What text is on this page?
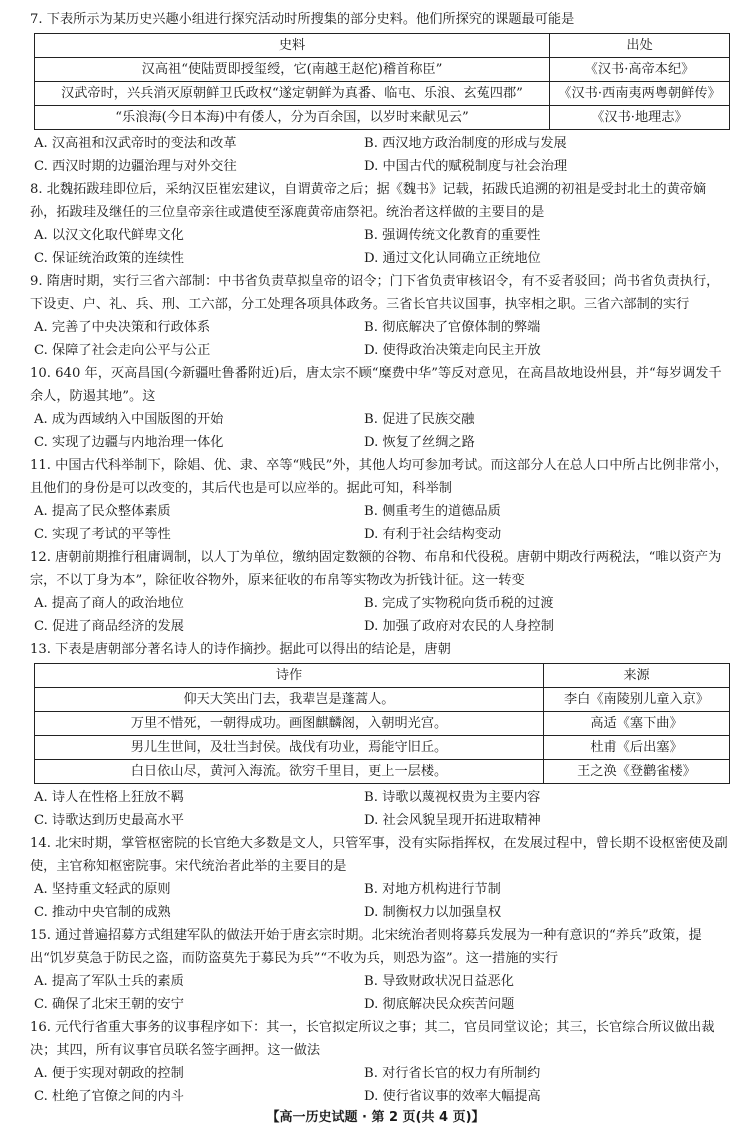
7. 下表所示为某历史兴趣小组进行探究活动时所搜集的部分史料。他们所探究的课题最可能是
史料	出处
汉高祖“使陆贾即授玺绶，它(南越王赵佗)稽首称臣”	《汉书·高帝本纪》
汉武帝时，兴兵消灭原朝鲜卫氏政权“遂定朝鲜为真番、临屯、乐浪、玄菟四郡”	《汉书·西南夷两粤朝鲜传》
“乐浪海(今日本海)中有倭人，分为百余国，以岁时来献见云”	《汉书·地理志》
A. 汉高祖和汉武帝时的变法和改革	B. 西汉地方政治制度的形成与发展
C. 西汉时期的边疆治理与对外交往	D. 中国古代的赋税制度与社会治理
8. 北魏拓跋珪即位后，采纳汉臣崔宏建议，自谓黄帝之后；据《魏书》记载，拓跋氏追溯的初祖是受封北土的黄帝嫡孙，拓跋珪及继任的三位皇帝亲往或遣使至涿鹿黄帝庙祭祀。统治者这样做的主要目的是
A. 以汉文化取代鲜卑文化	B. 强调传统文化教育的重要性
C. 保证统治政策的连续性	D. 通过文化认同确立正统地位
9. 隋唐时期，实行三省六部制：中书省负责草拟皇帝的诏令；门下省负责审核诏令，有不妥者驳回；尚书省负责执行，下设吏、户、礼、兵、刑、工六部，分工处理各项具体政务。三省长官共议国事，执宰相之职。三省六部制的实行
A. 完善了中央决策和行政体系	B. 彻底解决了官僚体制的弊端
C. 保障了社会走向公平与公正	D. 使得政治决策走向民主开放
10. 640 年，灭高昌国(今新疆吐鲁番附近)后，唐太宗不顾“糜费中华”等反对意见，在高昌故地设州县，并“每岁调发千余人，防遏其地”。这
A. 成为西域纳入中国版图的开始	B. 促进了民族交融
C. 实现了边疆与内地治理一体化	D. 恢复了丝绸之路
11. 中国古代科举制下，除娼、优、隶、卒等“贱民”外，其他人均可参加考试。而这部分人在总人口中所占比例非常小，且他们的身份是可以改变的，其后代也是可以应举的。据此可知，科举制
A. 提高了民众整体素质	B. 侧重考生的道德品质
C. 实现了考试的平等性	D. 有利于社会结构变动
12. 唐朝前期推行租庸调制，以人丁为单位，缴纳固定数额的谷物、布帛和代役税。唐朝中期改行两税法，“唯以资产为宗，不以丁身为本”，除征收谷物外，原来征收的布帛等实物改为折钱计征。这一转变
A. 提高了商人的政治地位	B. 完成了实物税向货币税的过渡
C. 促进了商品经济的发展	D. 加强了政府对农民的人身控制
13. 下表是唐朝部分著名诗人的诗作摘抄。据此可以得出的结论是，唐朝
诗作	来源
仰天大笑出门去，我辈岂是蓬蒿人。	李白《南陵别儿童入京》
万里不惜死，一朝得成功。画图麒麟阁，入朝明光宫。	高适《塞下曲》
男儿生世间，及壮当封侯。战伐有功业，焉能守旧丘。	杜甫《后出塞》
白日依山尽，黄河入海流。欲穷千里目，更上一层楼。	王之涣《登鹳雀楼》
A. 诗人在性格上狂放不羁	B. 诗歌以蔑视权贵为主要内容
C. 诗歌达到历史最高水平	D. 社会风貌呈现开拓进取精神
14. 北宋时期，掌管枢密院的长官绝大多数是文人，只管军事，没有实际指挥权，在发展过程中，曾长期不设枢密使及副使，主官称知枢密院事。宋代统治者此举的主要目的是
A. 坚持重文轻武的原则	B. 对地方机构进行节制
C. 推动中央官制的成熟	D. 制衡权力以加强皇权
15. 通过普遍招募方式组建军队的做法开始于唐玄宗时期。北宋统治者则将募兵发展为一种有意识的“养兵”政策，提出“饥岁莫急于防民之盗，而防盗莫先于募民为兵”“不收为兵，则恐为盗”。这一措施的实行
A. 提高了军队士兵的素质	B. 导致财政状况日益恶化
C. 确保了北宋王朝的安宁	D. 彻底解决民众疾苦问题
16. 元代行省重大事务的议事程序如下：其一，长官拟定所议之事；其二，官员同堂议论；其三，长官综合所议做出裁决；其四，所有议事官员联名签字画押。这一做法
A. 便于实现对朝政的控制	B. 对行省长官的权力有所制约
C. 杜绝了官僚之间的内斗	D. 使行省议事的效率大幅提高
【高一历史试题 · 第 2 页(共 4 页)】
